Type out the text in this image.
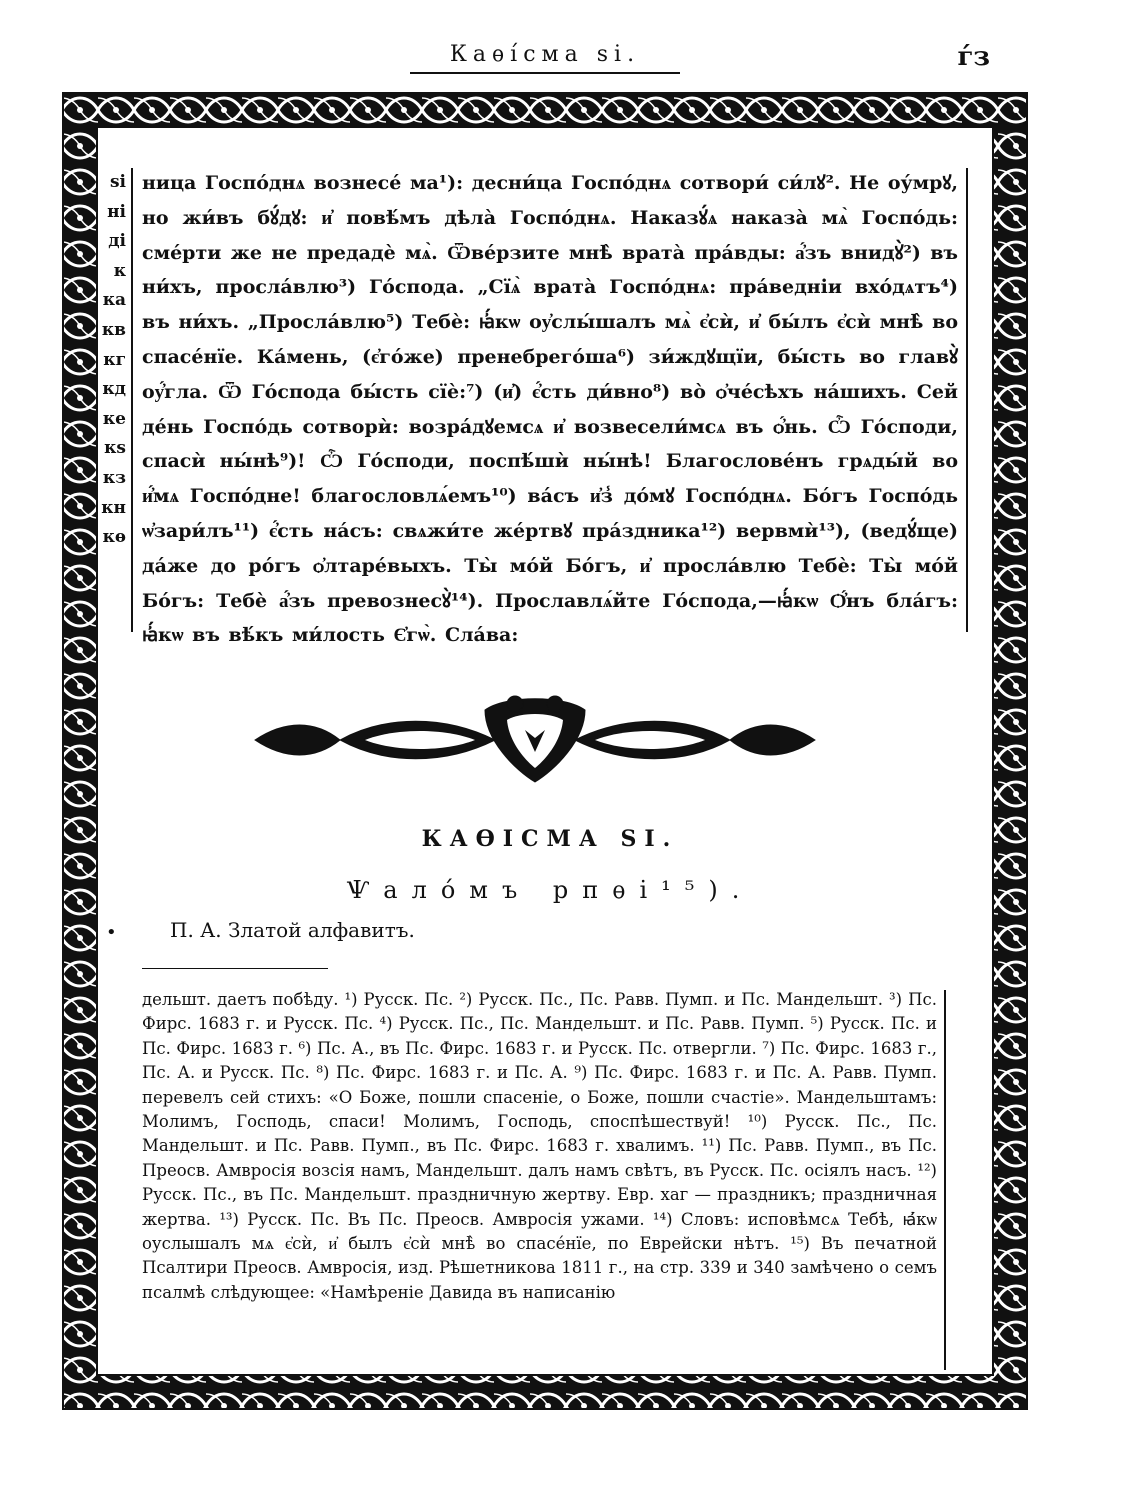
Каѳі́сма ѕі.	ѓз
ѕі
ні
ді
к
ка
кв
кг
кд
ке
кѕ
кз
кн
кѳ

ница Госпо́днѧ вознесе́ ма¹): десни́ца Госпо́днѧ сотвори́ си́лꙋ². Не оу́мрꙋ, но жи́въ бꙋ́дꙋ: и҆ повѣ́мъ дѣла̀ Госпо́днѧ. Наказꙋ́ѧ наказа̀ мѧ̀ Госпо́дь: сме́рти же не предадѐ мѧ̀. Ѿве́рзите мнѣ̀ врата̀ пра́вды: а҆́зъ внидꙋ̀²) въ ни́хъ, просла́влю³) Го́спода. „Сїѧ̀ врата̀ Госпо́днѧ: пра́ведніи вхо́дѧтъ⁴) въ ни́хъ. „Просла́влю⁵) Тебѐ: ꙗ҆́кѡ оу҆слы́шалъ мѧ̀ є҆сѝ, и҆ бы́лъ є҆сѝ мнѣ̀ во спасе́нїе. Ка́мень, (є҆го́же) пренебрего́ша⁶) зи́ждꙋщїи, бы́сть во главꙋ̀ оу҆́гла. Ѿ Го́спода бы́сть сїѐ:⁷) (и҆) є҆́сть ди́вно⁸) во̀ ѻ҆че́сѣхъ на́шихъ. Сей де́нь Госпо́дь сотворѝ: возра́дꙋемсѧ и҆ возвесели́мсѧ въ ѻ҆́нь. Ѽ Го́споди, спасѝ ны́нѣ⁹)! Ѽ Го́споди, поспѣ́шѝ ны́нѣ! Благослове́нъ грѧды́й во и҆́мѧ Госпо́дне! благословлѧ́емъ¹⁰) ва́съ и҆з̾ до́мꙋ Госпо́днѧ. Бо́гъ Госпо́дь ѡ҆зари́лъ¹¹) є҆́сть на́съ: свѧжи́те же́ртвꙋ пра́здника¹²) вервмѝ¹³), (ведꙋ́ще) да́же до ро́гъ ѻ҆лтаре́выхъ. Ты̀ мо́й Бо́гъ, и҆ просла́влю Тебѐ: Ты̀ мо́й Бо́гъ: Тебѐ а҆́зъ превознесꙋ̀¹⁴). Прославлѧ́йте Го́спода,—ꙗ҆́кѡ Ѻ҆́нъ бла́гъ: ꙗ҆́кѡ въ вѣ́къ ми́лость Є҆гѡ̀. Сла́ва:

КАѲІСМА ЅІ.
Ѱало́мъ рпѳі¹⁵).
•	П. А. Златой алфавитъ.

дельшт. даетъ побѣду. ¹) Русск. Пс. ²) Русск. Пс., Пс. Равв. Пумп. и Пс. Мандельшт. ³) Пс. Фирс. 1683 г. и Русск. Пс. ⁴) Русск. Пс., Пс. Мандельшт. и Пс. Равв. Пумп. ⁵) Русск. Пс. и Пс. Фирс. 1683 г. ⁶) Пс. А., въ Пс. Фирс. 1683 г. и Русск. Пс. отвергли. ⁷) Пс. Фирс. 1683 г., Пс. А. и Русск. Пс. ⁸) Пс. Фирс. 1683 г. и Пс. А. ⁹) Пс. Фирс. 1683 г. и Пс. А. Равв. Пумп. перевелъ сей стихъ: «О Боже, пошли спасеніе, о Боже, пошли счастіе». Мандельштамъ: Молимъ, Господь, спаси! Молимъ, Господь, споспѣшествуй! ¹⁰) Русск. Пс., Пс. Мандельшт. и Пс. Равв. Пумп., въ Пс. Фирс. 1683 г. хвалимъ. ¹¹) Пс. Равв. Пумп., въ Пс. Преосв. Амвросія возсія намъ, Мандельшт. далъ намъ свѣтъ, въ Русск. Пс. осіялъ насъ. ¹²) Русск. Пс., въ Пс. Мандельшт. праздничную жертву. Евр. хаг — праздникъ; праздничная жертва. ¹³) Русск. Пс. Въ Пс. Преосв. Амвросія ужами. ¹⁴) Словъ: исповѣмсѧ Тебѣ, ꙗ҆́кѡ оуслышалъ мѧ є҆сѝ, и҆ былъ є҆сѝ мнѣ̀ во спасе́нїе, по Еврейски нѣтъ. ¹⁵) Въ печатной Псалтири Преосв. Амвросія, изд. Рѣшетникова 1811 г., на стр. 339 и 340 замѣчено о семъ псалмѣ слѣдующее: «Намѣреніе Давида въ написанію
